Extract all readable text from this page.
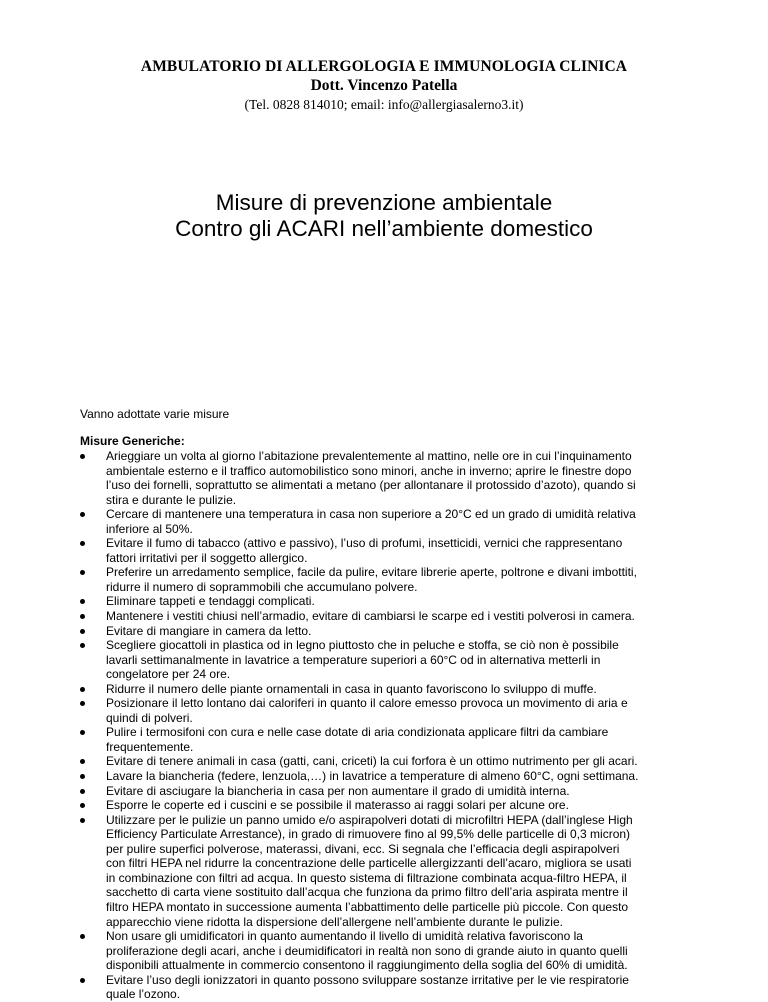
AMBULATORIO DI ALLERGOLOGIA E IMMUNOLOGIA CLINICA
Dott. Vincenzo Patella
(Tel. 0828 814010; email: info@allergiasalerno3.it)
Misure di prevenzione ambientale
Contro gli ACARI nell’ambiente domestico
Vanno adottate varie misure
Misure Generiche:
Arieggiare un volta al giorno l’abitazione prevalentemente al mattino, nelle ore in cui l’inquinamento
ambientale esterno e il traffico automobilistico sono minori, anche in inverno; aprire le finestre dopo
l’uso dei fornelli, soprattutto se alimentati a metano (per allontanare il protossido d’azoto), quando si
stira e durante le pulizie.
Cercare di mantenere una temperatura in casa non superiore a 20°C ed un grado di umidità relativa
inferiore al 50%.
Evitare il fumo di tabacco (attivo e passivo), l’uso di profumi, insetticidi, vernici che rappresentano
fattori irritativi per il soggetto allergico.
Preferire un arredamento semplice, facile da pulire, evitare librerie aperte, poltrone e divani imbottiti,
ridurre il numero di soprammobili che accumulano polvere.
Eliminare tappeti e tendaggi complicati.
Mantenere i vestiti chiusi nell’armadio, evitare di cambiarsi le scarpe ed i vestiti polverosi in camera.
Evitare di mangiare in camera da letto.
Scegliere giocattoli in plastica od in legno piuttosto che in peluche e stoffa, se ciò non è possibile
lavarli settimanalmente in lavatrice a temperature superiori a 60°C od in alternativa metterli in
congelatore per 24 ore.
Ridurre il numero delle piante ornamentali in casa in quanto favoriscono lo sviluppo di muffe.
Posizionare il letto lontano dai caloriferi in quanto il calore emesso provoca un movimento di aria e
quindi di polveri.
Pulire i termosifoni con cura e nelle case dotate di aria condizionata applicare filtri da cambiare
frequentemente.
Evitare di tenere animali in casa (gatti, cani, criceti) la cui forfora è un ottimo nutrimento per gli acari.
Lavare la biancheria (federe, lenzuola,…) in lavatrice a temperature di almeno 60°C, ogni settimana.
Evitare di asciugare la biancheria in casa per non aumentare il grado di umidità interna.
Esporre le coperte ed i cuscini e se possibile il materasso ai raggi solari per alcune ore.
Utilizzare per le pulizie un panno umido e/o aspirapolveri dotati di microfiltri HEPA (dall’inglese High
Efficiency Particulate Arrestance), in grado di rimuovere fino al 99,5% delle particelle di 0,3 micron)
per pulire superfici polverose, materassi, divani, ecc. Si segnala che l’efficacia degli aspirapolveri
con filtri HEPA nel ridurre la concentrazione delle particelle allergizzanti dell’acaro, migliora se usati
in combinazione con filtri ad acqua. In questo sistema di filtrazione combinata acqua-filtro HEPA, il
sacchetto di carta viene sostituito dall’acqua che funziona da primo filtro dell’aria aspirata mentre il
filtro HEPA montato in successione aumenta l’abbattimento delle particelle più piccole. Con questo
apparecchio viene ridotta la dispersione dell’allergene nell’ambiente durante le pulizie.
Non usare gli umidificatori in quanto aumentando il livello di umidità relativa favoriscono la
proliferazione degli acari, anche i deumidificatori in realtà non sono di grande aiuto in quanto quelli
disponibili attualmente in commercio consentono il raggiungimento della soglia del 60% di umidità.
Evitare l’uso degli ionizzatori in quanto possono sviluppare sostanze irritative per le vie respiratorie
quale l’ozono.
